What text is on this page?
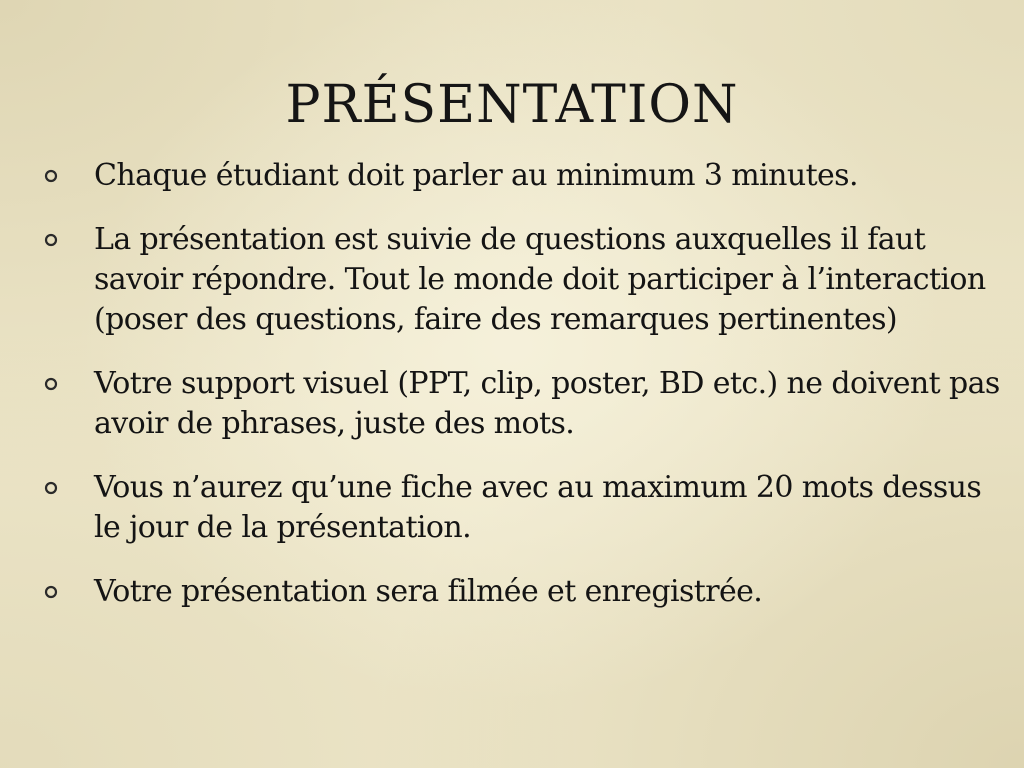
PRÉSENTATION
Chaque étudiant doit parler au minimum 3 minutes.
La présentation est suivie de questions auxquelles il faut savoir répondre. Tout le monde doit participer à l’interaction (poser des questions, faire des remarques pertinentes)
Votre support visuel (PPT, clip, poster, BD etc.) ne doivent pas avoir de phrases, juste des mots.
Vous n’aurez qu’une fiche avec au maximum 20 mots dessus le jour de la présentation.
Votre présentation sera filmée et enregistrée.
